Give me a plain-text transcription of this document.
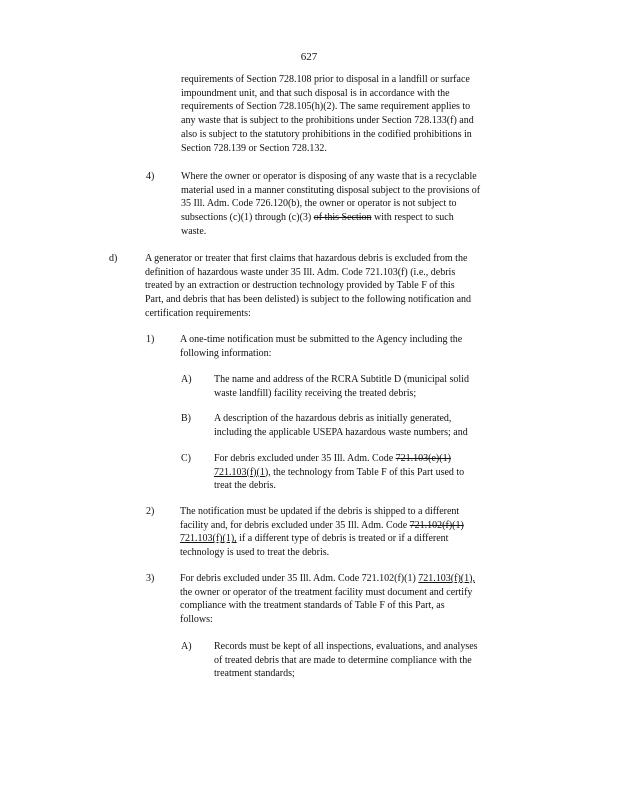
627
requirements of Section 728.108 prior to disposal in a landfill or surface
impoundment unit, and that such disposal is in accordance with the
requirements of Section 728.105(h)(2). The same requirement applies to
any waste that is subject to the prohibitions under Section 728.133(f) and
also is subject to the statutory prohibitions in the codified prohibitions in
Section 728.139 or Section 728.132.
4)	Where the owner or operator is disposing of any waste that is a recyclable
material used in a manner constituting disposal subject to the provisions of
35 Ill. Adm. Code 726.120(b), the owner or operator is not subject to
subsections (c)(1) through (c)(3) of this Section with respect to such
waste.
d)	A generator or treater that first claims that hazardous debris is excluded from the
definition of hazardous waste under 35 Ill. Adm. Code 721.103(f) (i.e., debris
treated by an extraction or destruction technology provided by Table F of this
Part, and debris that has been delisted) is subject to the following notification and
certification requirements:
1)	A one-time notification must be submitted to the Agency including the
following information:
A) The name and address of the RCRA Subtitle D (municipal solid
waste landfill) facility receiving the treated debris;
B) A description of the hazardous debris as initially generated,
including the applicable USEPA hazardous waste numbers; and
C) For debris excluded under 35 Ill. Adm. Code 721.103(e)(1)
721.103(f)(1), the technology from Table F of this Part used to
treat the debris.
2)	The notification must be updated if the debris is shipped to a different
facility and, for debris excluded under 35 Ill. Adm. Code 721.102(f)(1)
721.103(f)(1), if a different type of debris is treated or if a different
technology is used to treat the debris.
3)	For debris excluded under 35 Ill. Adm. Code 721.102(f)(1) 721.103(f)(1),
the owner or operator of the treatment facility must document and certify
compliance with the treatment standards of Table F of this Part, as
follows:
A) Records must be kept of all inspections, evaluations, and analyses
of treated debris that are made to determine compliance with the
treatment standards;
